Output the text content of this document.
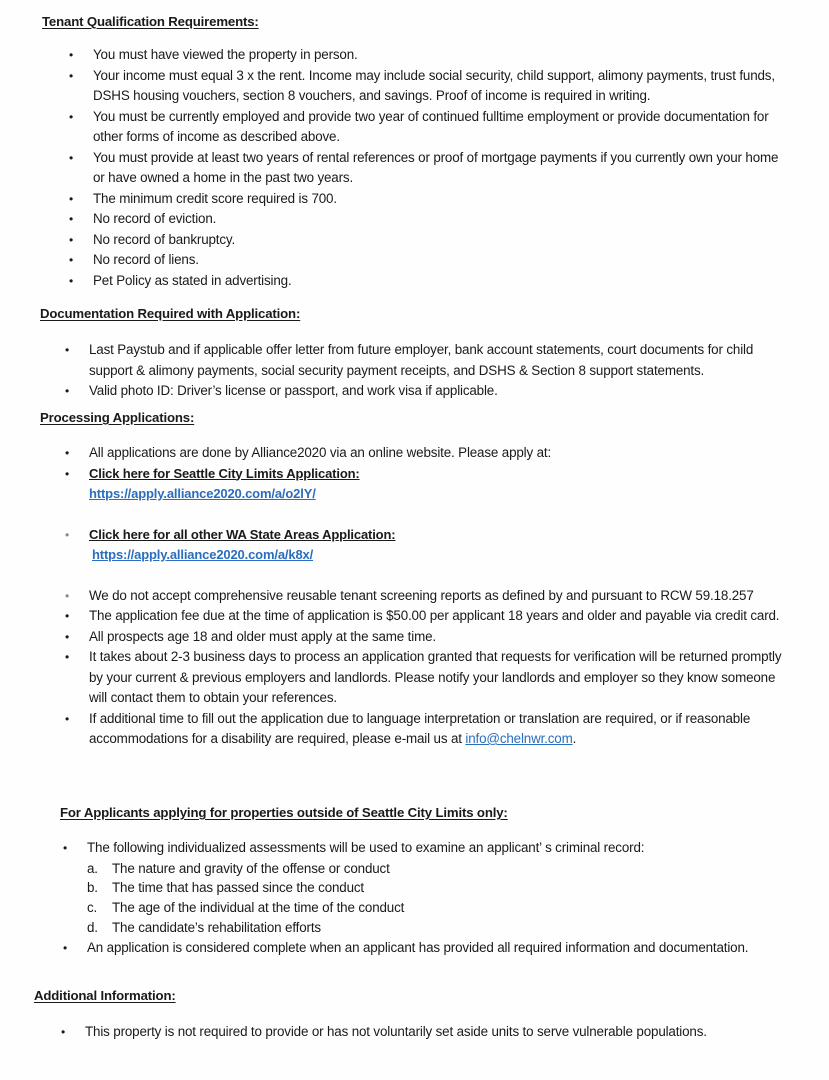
Tenant Qualification Requirements:
• You must have viewed the property in person.
• Your income must equal 3 x the rent. Income may include social security, child support, alimony payments, trust funds, DSHS housing vouchers, section 8 vouchers, and savings. Proof of income is required in writing.
• You must be currently employed and provide two year of continued fulltime employment or provide documentation for other forms of income as described above.
• You must provide at least two years of rental references or proof of mortgage payments if you currently own your home or have owned a home in the past two years.
• The minimum credit score required is 700.
• No record of eviction.
• No record of bankruptcy.
• No record of liens.
• Pet Policy as stated in advertising.
Documentation Required with Application:
• Last Paystub and if applicable offer letter from future employer, bank account statements, court documents for child support & alimony payments, social security payment receipts, and DSHS & Section 8 support statements.
• Valid photo ID: Driver’s license or passport, and work visa if applicable.
Processing Applications:
• All applications are done by Alliance2020 via an online website. Please apply at:
• Click here for Seattle City Limits Application:
https://apply.alliance2020.com/a/o2lY/
• Click here for all other WA State Areas Application:
https://apply.alliance2020.com/a/k8x/
• We do not accept comprehensive reusable tenant screening reports as defined by and pursuant to RCW 59.18.257
• The application fee due at the time of application is $50.00 per applicant 18 years and older and payable via credit card.
• All prospects age 18 and older must apply at the same time.
• It takes about 2-3 business days to process an application granted that requests for verification will be returned promptly by your current & previous employers and landlords. Please notify your landlords and employer so they know someone will contact them to obtain your references.
• If additional time to fill out the application due to language interpretation or translation are required, or if reasonable accommodations for a disability are required, please e-mail us at info@chelnwr.com.
For Applicants applying for properties outside of Seattle City Limits only:
• The following individualized assessments will be used to examine an applicant’ s criminal record:
a. The nature and gravity of the offense or conduct
b. The time that has passed since the conduct
c. The age of the individual at the time of the conduct
d. The candidate’s rehabilitation efforts
• An application is considered complete when an applicant has provided all required information and documentation.
Additional Information:
• This property is not required to provide or has not voluntarily set aside units to serve vulnerable populations.
